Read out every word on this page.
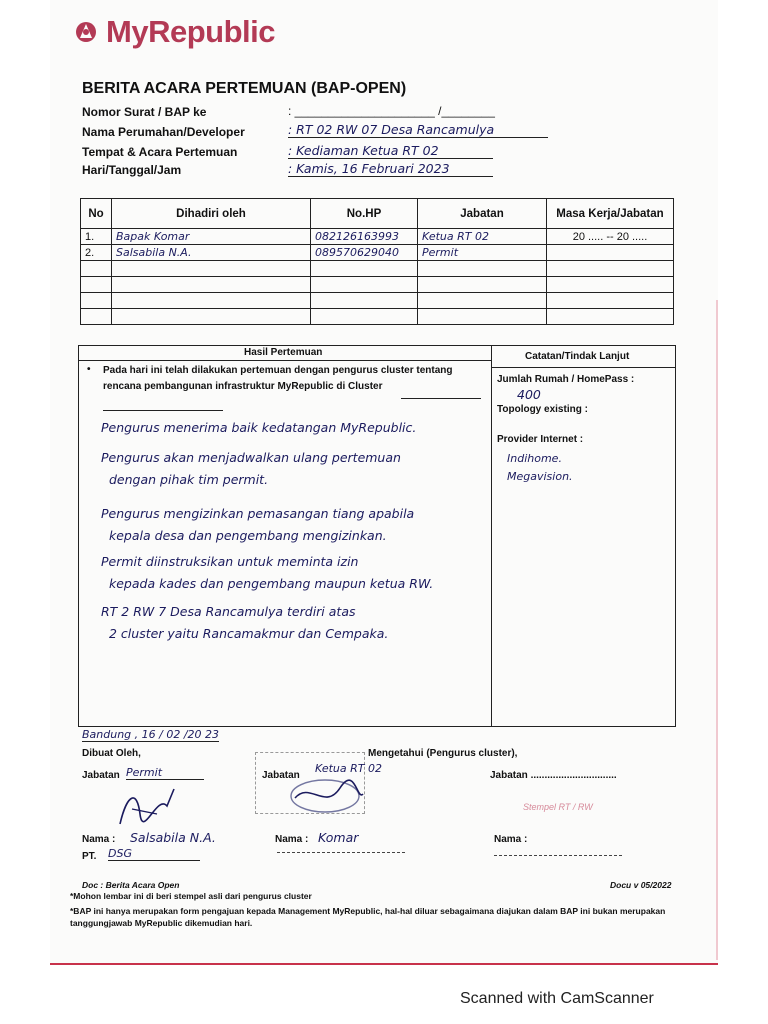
MyRepublic
BERITA ACARA PERTEMUAN (BAP-OPEN)
Nomor Surat / BAP ke	: _____________________ /________
Nama Perumahan/Developer	: RT 02 RW 07 Desa Rancamulya
Tempat & Acara Pertemuan	: Kediaman Ketua RT 02
Hari/Tanggal/Jam	: Kamis, 16 Februari 2023
No	Dihadiri oleh	No.HP	Jabatan	Masa Kerja/Jabatan
1.	Bapak Komar	082126163993	Ketua RT 02	20 ..... -- 20 .....
2.	Salsabila N.A.	089570629040	Permit	

Hasil Pertemuan	Catatan/Tindak Lanjut
• Pada hari ini telah dilakukan pertemuan dengan pengurus cluster tentang
rencana pembangunan infrastruktur MyRepublic di Cluster
Pengurus menerima baik kedatangan MyRepublic.
Pengurus akan menjadwalkan ulang pertemuan
dengan pihak tim permit.
Pengurus mengizinkan pemasangan tiang apabila
kepala desa dan pengembang mengizinkan.
Permit diinstruksikan untuk meminta izin
kepada kades dan pengembang maupun ketua RW.
RT 2 RW 7 Desa Rancamulya terdiri atas
2 cluster yaitu Rancamakmur dan Cempaka.
Jumlah Rumah / HomePass :
400
Topology existing :
Provider Internet :
Indihome.
Megavision.
Bandung , 16 / 02 /20 23
Dibuat Oleh,	Mengetahui (Pengurus cluster),
Jabatan Permit	Jabatan
Ketua RT 02
Jabatan ...............................
Stempel RT / RW
Nama : Salsabila N.A.
PT. DSG
Nama : Komar	Nama :
Doc : Berita Acara Open	Docu v 05/2022
*Mohon lembar ini di beri stempel asli dari pengurus cluster
*BAP ini hanya merupakan form pengajuan kepada Management MyRepublic, hal-hal diluar sebagaimana diajukan dalam BAP ini bukan merupakan
tanggungjawab MyRepublic dikemudian hari.
Scanned with CamScanner
